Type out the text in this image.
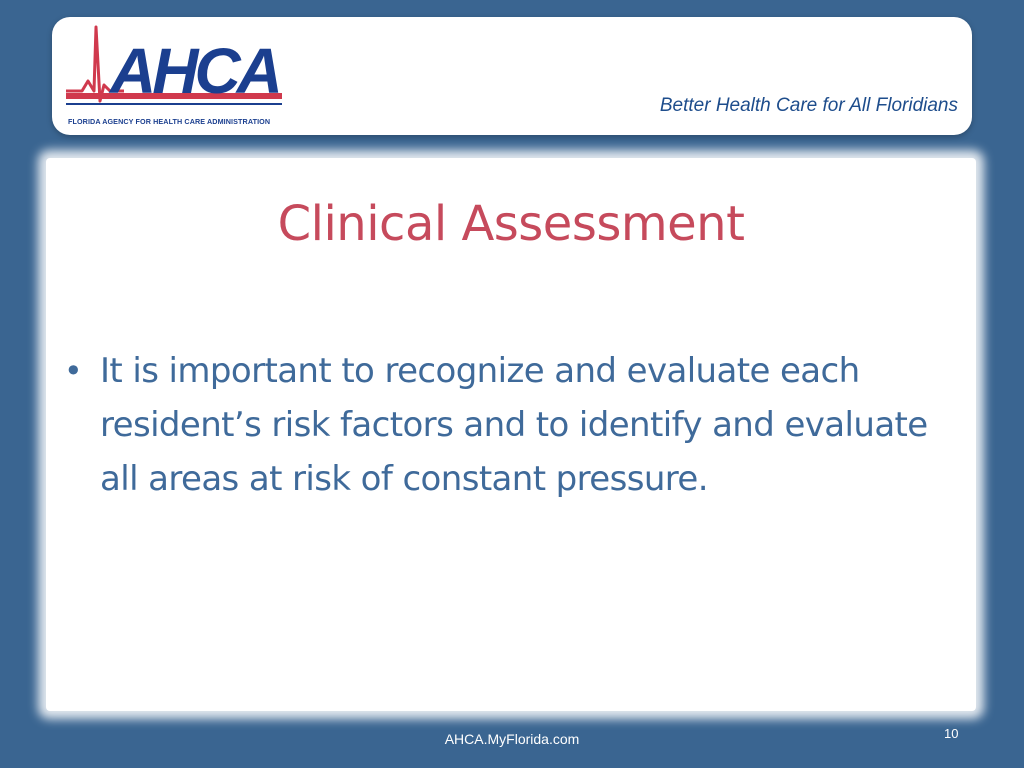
AHCA
FLORIDA AGENCY FOR HEALTH CARE ADMINISTRATION
Better Health Care for All Floridians
Clinical Assessment
• It is important to recognize and evaluate each resident’s risk factors and to identify and evaluate all areas at risk of constant pressure.
AHCA.MyFlorida.com	10
